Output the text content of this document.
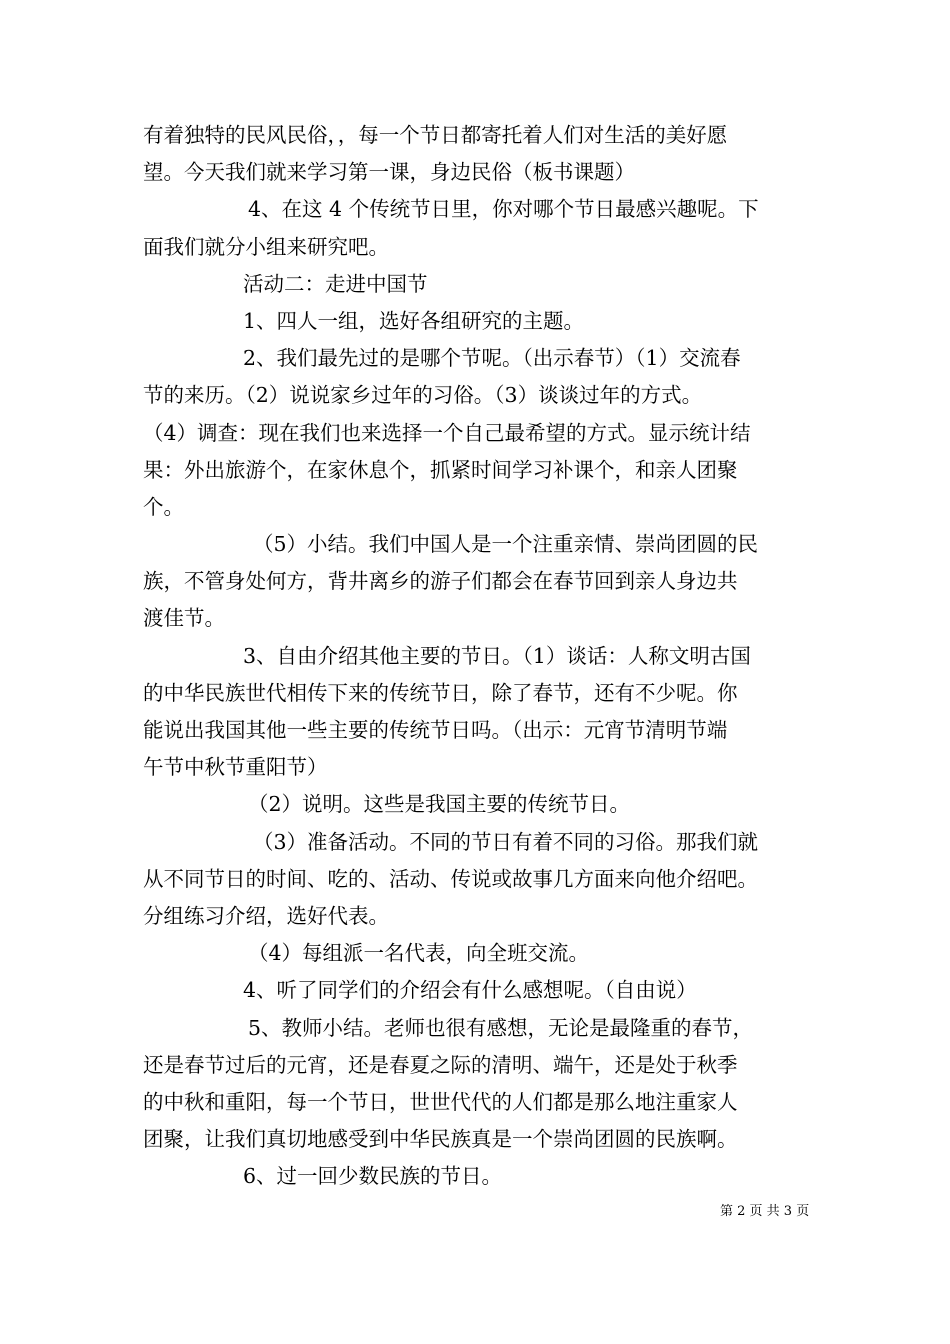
有着独特的民风民俗，，每一个节日都寄托着人们对生活的美好愿
望。今天我们就来学习第一课，身边民俗（板书课题）
4、在这 4 个传统节日里，你对哪个节日最感兴趣呢。下
面我们就分小组来研究吧。
活动二：走进中国节
1、四人一组，选好各组研究的主题。
2、我们最先过的是哪个节呢。（出示春节）（1）交流春
节的来历。（2）说说家乡过年的习俗。（3）谈谈过年的方式。
（4）调查：现在我们也来选择一个自己最希望的方式。显示统计结
果：外出旅游个，在家休息个，抓紧时间学习补课个，和亲人团聚
个。
（5）小结。我们中国人是一个注重亲情、崇尚团圆的民
族，不管身处何方，背井离乡的游子们都会在春节回到亲人身边共
渡佳节。
3、自由介绍其他主要的节日。（1）谈话：人称文明古国
的中华民族世代相传下来的传统节日，除了春节，还有不少呢。你
能说出我国其他一些主要的传统节日吗。（出示：元宵节清明节端
午节中秋节重阳节）
（2）说明。这些是我国主要的传统节日。
（3）准备活动。不同的节日有着不同的习俗。那我们就
从不同节日的时间、吃的、活动、传说或故事几方面来向他介绍吧。
分组练习介绍，选好代表。
（4）每组派一名代表，向全班交流。
4、听了同学们的介绍会有什么感想呢。（自由说）
5、教师小结。老师也很有感想，无论是最隆重的春节，
还是春节过后的元宵，还是春夏之际的清明、端午，还是处于秋季
的中秋和重阳，每一个节日，世世代代的人们都是那么地注重家人
团聚，让我们真切地感受到中华民族真是一个崇尚团圆的民族啊。
6、过一回少数民族的节日。
第 2 页 共 3 页
